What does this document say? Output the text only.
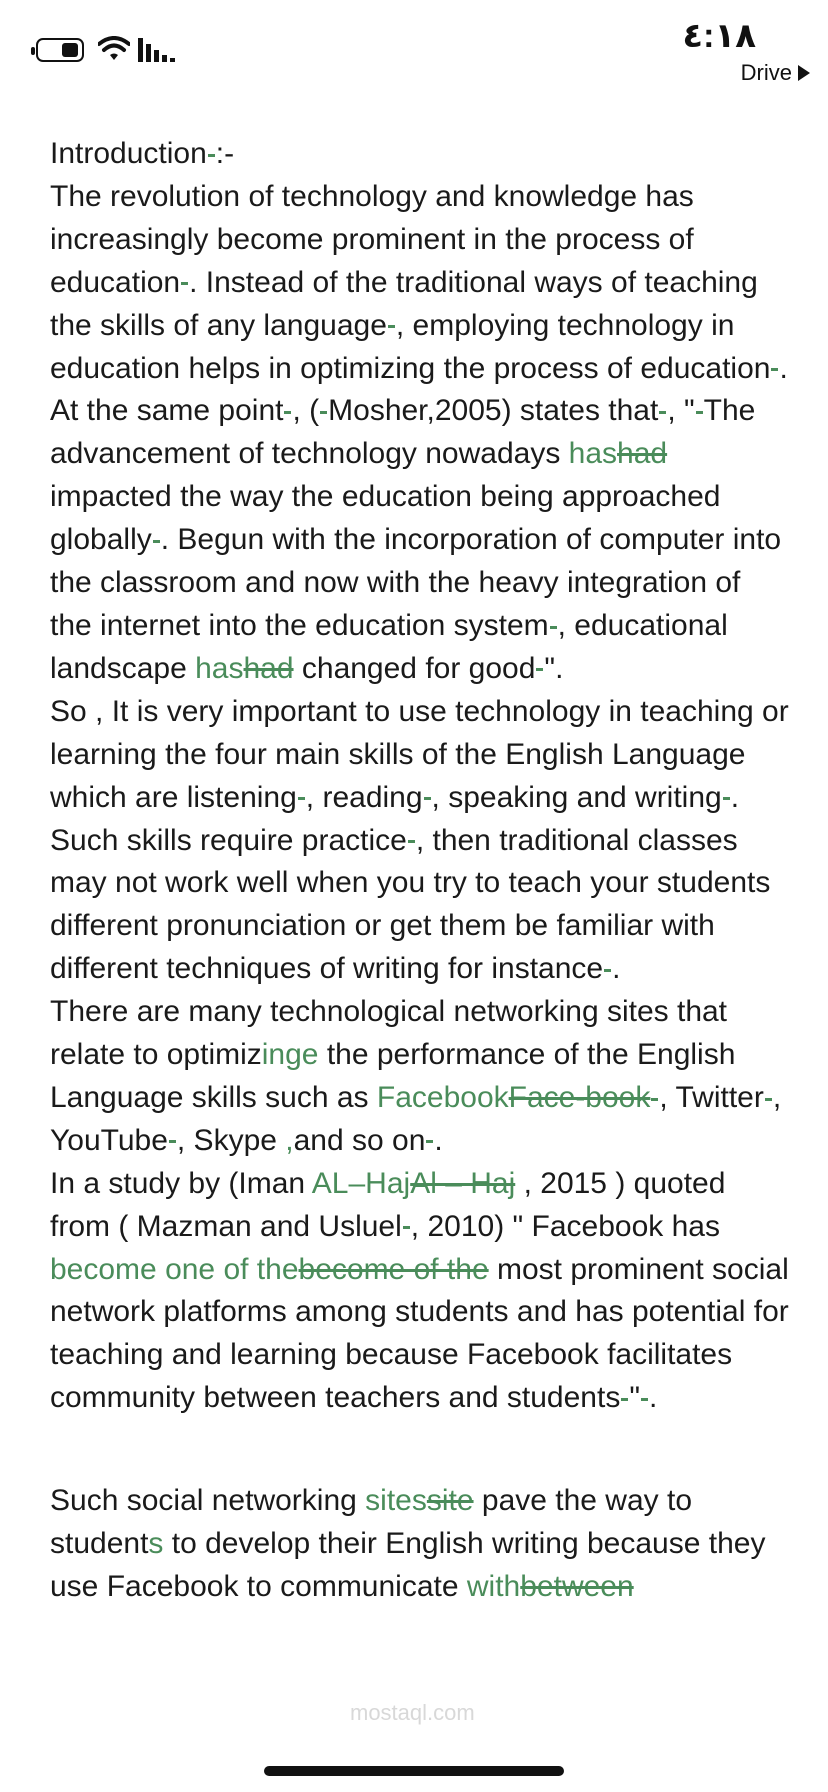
٤:١٨
Drive

Introduction :-

The revolution of technology and knowledge has increasingly become prominent in the process of education . Instead of the traditional ways of teaching the skills of any language , employing technology in education helps in optimizing the process of education .

At the same point , ( Mosher,2005) states that , " The advancement of technology nowadays hashad impacted the way the education being approached globally . Begun with the incorporation of computer into the classroom and now with the heavy integration of the internet into the education system , educational landscape hashad changed for good ".

So , It is very important to use technology in teaching or learning the four main skills of the English Language which are listening , reading , speaking and writing . Such skills require practice , then traditional classes may not work well when you try to teach your students different pronunciation or get them be familiar with different techniques of writing for instance .

There are many technological networking sites that relate to optimizinge the performance of the English Language skills such as FacebookFace-book , Twitter , YouTube , Skype ,and so on .

In a study by (Iman AL–HajAl – Haj , 2015 ) quoted from ( Mazman and Usluel , 2010) " Facebook has become one of thebecome of the most prominent social network platforms among students and has potential for teaching and learning because Facebook facilitates community between teachers and students " .

Such social networking sitessite pave the way to students to develop their English writing because they use Facebook to communicate withbetween

mostaql.com
